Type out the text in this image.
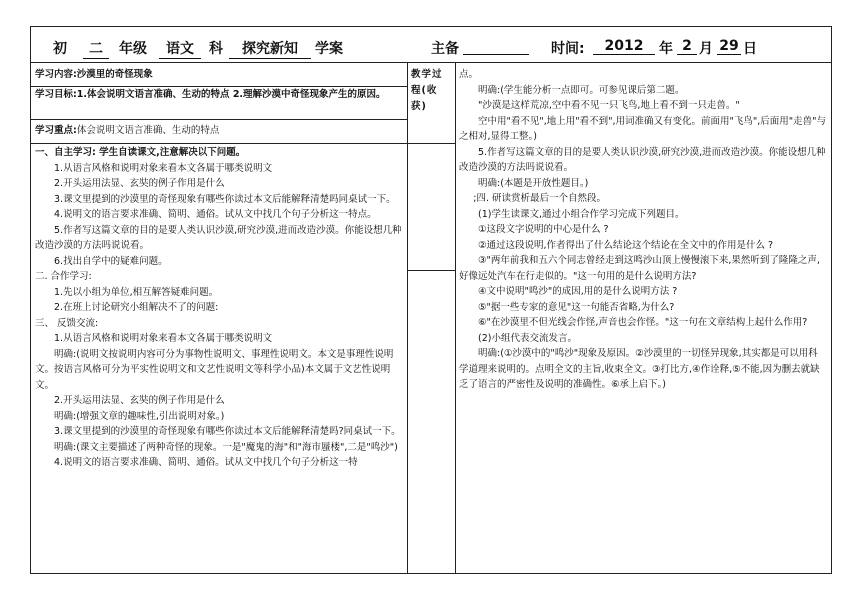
初	二	年级	语文	科	探究新知	学案	主备	时间:	2012	年 2 月 29 日
学习内容:沙漠里的奇怪现象
学习目标:1.体会说明文语言准确、生动的特点 2.理解沙漠中奇怪现象产生的原因。
学习重点:体会说明文语言准确、生动的特点

一、自主学习: 学生自读课文,注意解决以下问题。

1.从语言风格和说明对象来看本文各属于哪类说明文

2.开头运用法显、玄奘的例子作用是什么

3.课文里提到的沙漠里的奇怪现象有哪些你读过本文后能解释清楚吗同桌试一下。

4.说明文的语言要求准确、简明、通俗。试从文中找几个句子分析这一特点。

5.作者写这篇文章的目的是要人类认识沙漠,研究沙漠,进而改造沙漠。你能设想几种改造沙漠的方法吗说说看。

6.找出自学中的疑难问题。

二. 合作学习:

1.先以小组为单位,相互解答疑难问题。

2.在班上讨论研究小组解决不了的问题:

三、 反馈交流:

1.从语言风格和说明对象来看本文各属于哪类说明文

明确:(说明文按说明内容可分为事物性说明文、事理性说明文。本文是事理性说明文。按语言风格可分为平实性说明文和文艺性说明文等科学小品)本文属于文艺性说明文。

2.开头运用法显、玄奘的例子作用是什么

明确:(增强文章的趣味性,引出说明对象。)

3.课文里提到的沙漠里的奇怪现象有哪些你读过本文后能解释清楚吗?同桌试一下。

明确:(课文主要描述了两种奇怪的现象。一是"魔鬼的海"和"海市蜃楼",二是"鸣沙")

4.说明文的语言要求准确、简明、通俗。试从文中找几个句子分析这一特

教学过程(收获)

点。

明确:(学生能分析一点即可。可参见课后第二题。

"沙漠是这样荒凉,空中看不见一只飞鸟,地上看不到一只走兽。"

空中用"看不见",地上用"看不到",用词准确又有变化。前面用"飞鸟",后面用"走兽"与之相对,显得工整。)

5.作者写这篇文章的目的是要人类认识沙漠,研究沙漠,进而改造沙漠。你能设想几种改造沙漠的方法吗说说看。

明确:(本题是开放性题目。)

;四. 研读赏析最后一个自然段。

(1)学生读课文,通过小组合作学习完成下列题目。

①这段文字说明的中心是什么 ?

②通过这段说明,作者得出了什么结论这个结论在全文中的作用是什么 ?

③"两年前我和五六个同志曾经走到这鸣沙山顶上慢慢滚下来,果然听到了隆隆之声,好像远处汽车在行走似的。"这一句用的是什么说明方法?

④文中说明"鸣沙"的成因,用的是什么说明方法 ?

⑤"据一些专家的意见"这一句能否省略,为什么?

⑥"在沙漠里不但光线会作怪,声音也会作怪。"这一句在文章结构上起什么作用?

(2)小组代表交流发言。

明确:(①沙漠中的"鸣沙"现象及原因。②沙漠里的一切怪异现象,其实都是可以用科学道理来说明的。点明全文的主旨,收束全文。③打比方,④作诠释,⑤不能,因为删去就缺乏了语言的严密性及说明的准确性。⑥承上启下。)
